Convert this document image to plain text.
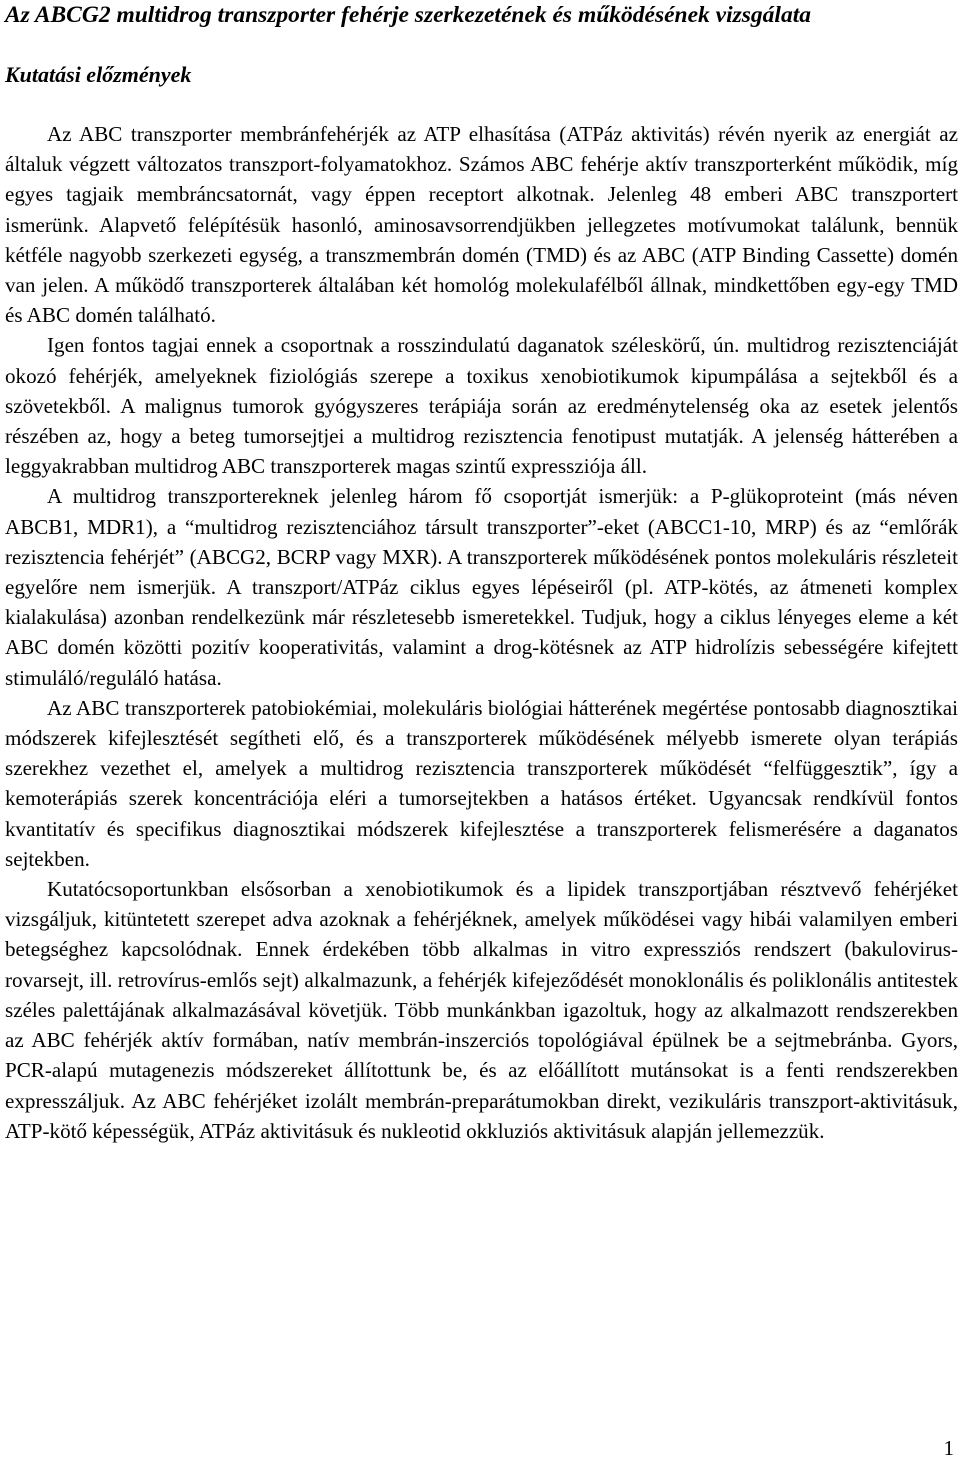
Az ABCG2 multidrog transzporter fehérje szerkezetének és működésének vizsgálata
Kutatási előzmények

Az ABC transzporter membránfehérjék az ATP elhasítása (ATPáz aktivitás) révén nyerik az energiát az általuk végzett változatos transzport-folyamatokhoz. Számos ABC fehérje aktív transzporterként működik, míg egyes tagjaik membráncsatornát, vagy éppen receptort alkotnak. Jelenleg 48 emberi ABC transzportert ismerünk. Alapvető felépítésük hasonló, aminosavsorrendjükben jellegzetes motívumokat találunk, bennük kétféle nagyobb szerkezeti egység, a transzmembrán domén (TMD) és az ABC (ATP Binding Cassette) domén van jelen. A működő transzporterek általában két homológ molekulafélből állnak, mindkettőben egy-egy TMD és ABC domén található.

Igen fontos tagjai ennek a csoportnak a rosszindulatú daganatok széleskörű, ún. multidrog rezisztenciáját okozó fehérjék, amelyeknek fiziológiás szerepe a toxikus xenobiotikumok kipumpálása a sejtekből és a szövetekből. A malignus tumorok gyógyszeres terápiája során az eredménytelenség oka az esetek jelentős részében az, hogy a beteg tumorsejtjei a multidrog rezisztencia fenotipust mutatják. A jelenség hátterében a leggyakrabban multidrog ABC transzporterek magas szintű expressziója áll.

A multidrog transzportereknek jelenleg három fő csoportját ismerjük: a P-glükoproteint (más néven ABCB1, MDR1), a “multidrog rezisztenciához társult transzporter”-eket (ABCC1-10, MRP) és az “emlőrák rezisztencia fehérjét” (ABCG2, BCRP vagy MXR). A transzporterek működésének pontos molekuláris részleteit egyelőre nem ismerjük. A transzport/ATPáz ciklus egyes lépéseiről (pl. ATP-kötés, az átmeneti komplex kialakulása) azonban rendelkezünk már részletesebb ismeretekkel. Tudjuk, hogy a ciklus lényeges eleme a két ABC domén közötti pozitív kooperativitás, valamint a drog-kötésnek az ATP hidrolízis sebességére kifejtett stimuláló/reguláló hatása.

Az ABC transzporterek patobiokémiai, molekuláris biológiai hátterének megértése pontosabb diagnosztikai módszerek kifejlesztését segítheti elő, és a transzporterek működésének mélyebb ismerete olyan terápiás szerekhez vezethet el, amelyek a multidrog rezisztencia transzporterek működését “felfüggesztik”, így a kemoterápiás szerek koncentrációja eléri a tumorsejtekben a hatásos értéket. Ugyancsak rendkívül fontos kvantitatív és specifikus diagnosztikai módszerek kifejlesztése a transzporterek felismerésére a daganatos sejtekben.

Kutatócsoportunkban elsősorban a xenobiotikumok és a lipidek transzportjában résztvevő fehérjéket vizsgáljuk, kitüntetett szerepet adva azoknak a fehérjéknek, amelyek működései vagy hibái valamilyen emberi betegséghez kapcsolódnak. Ennek érdekében több alkalmas in vitro expressziós rendszert (bakulovirus-rovarsejt, ill. retrovírus-emlős sejt) alkalmazunk, a fehérjék kifejeződését monoklonális és poliklonális antitestek széles palettájának alkalmazásával követjük. Több munkánkban igazoltuk, hogy az alkalmazott rendszerekben az ABC fehérjék aktív formában, natív membrán-inszerciós topológiával épülnek be a sejtmebránba. Gyors, PCR-alapú mutagenezis módszereket állítottunk be, és az előállított mutánsokat is a fenti rendszerekben expresszáljuk. Az ABC fehérjéket izolált membrán-preparátumokban direkt, vezikuláris transzport-aktivitásuk, ATP-kötő képességük, ATPáz aktivitásuk és nukleotid okkluziós aktivitásuk alapján jellemezzük.

1
